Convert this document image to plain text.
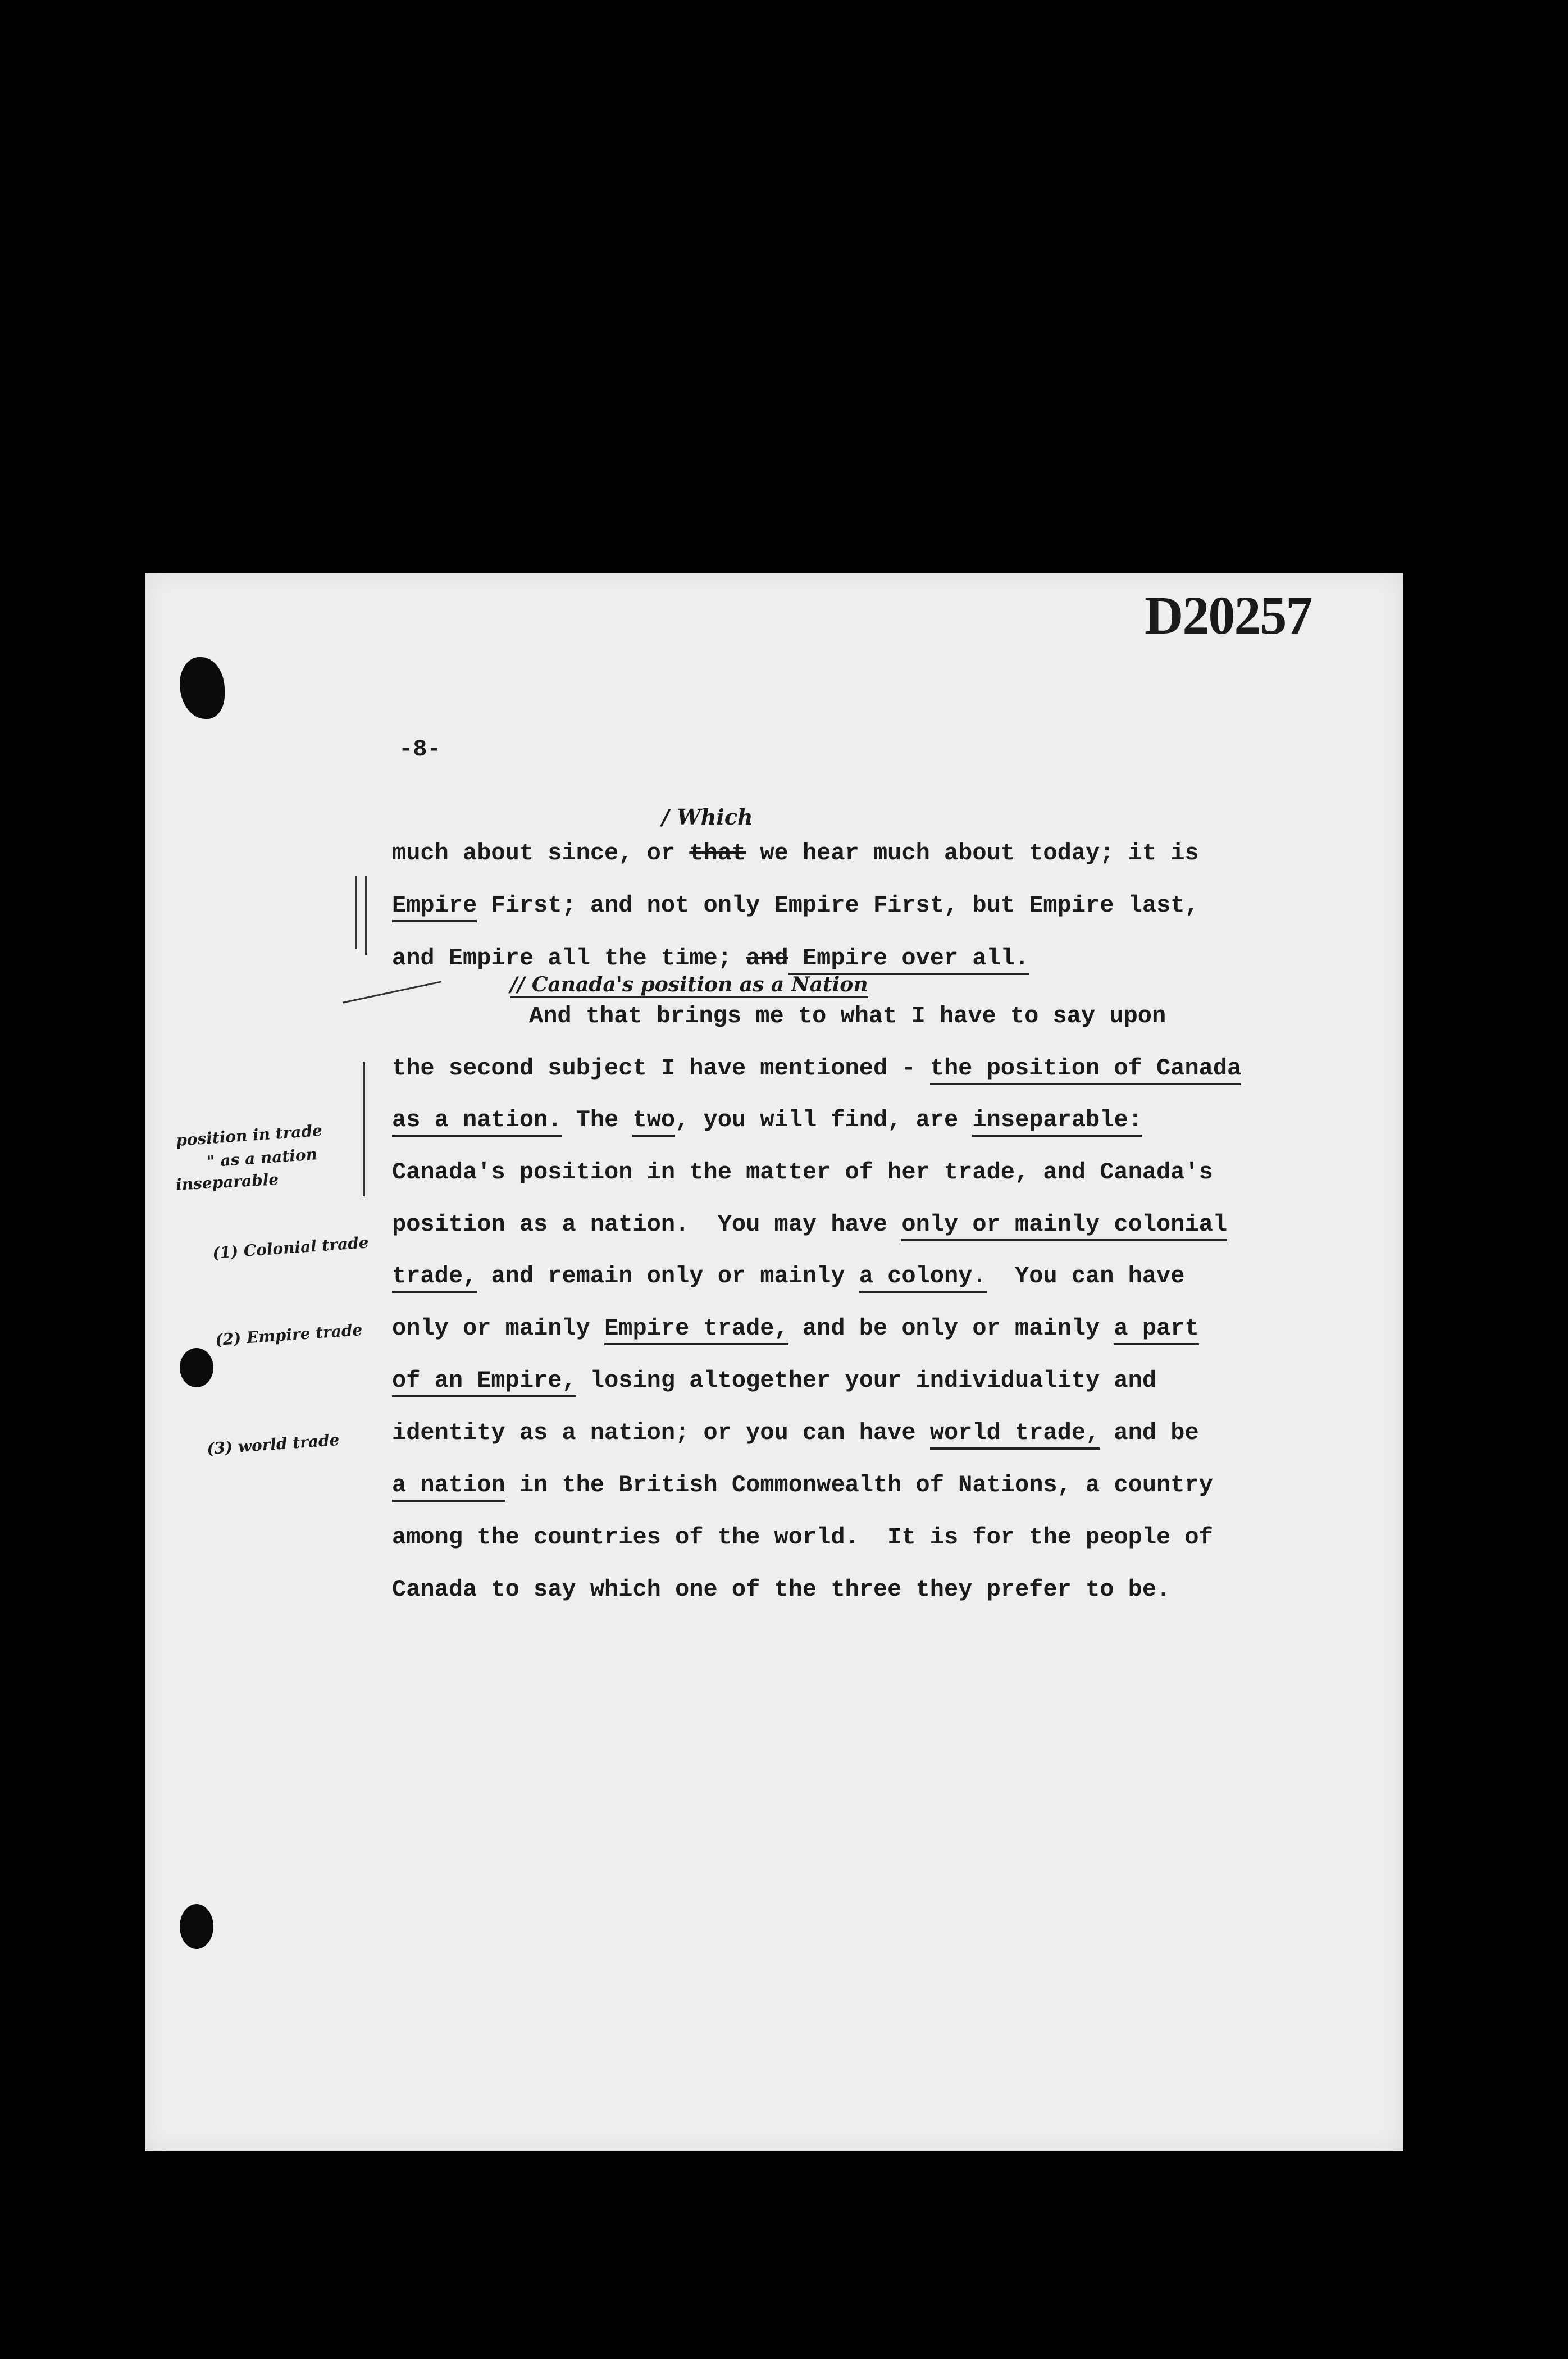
D20257
-8-
/ Which
// Canada's position as a Nation
much about since, or that we hear much about today; it is
Empire First; and not only Empire First, but Empire last,
and Empire all the time; and Empire over all.
And that brings me to what I have to say upon
the second subject I have mentioned - the position of Canada
as a nation. The two, you will find, are inseparable:
Canada's position in the matter of her trade, and Canada's
position as a nation.  You may have only or mainly colonial
trade, and remain only or mainly a colony.  You can have
only or mainly Empire trade, and be only or mainly a part
of an Empire, losing altogether your individuality and
identity as a nation; or you can have world trade, and be
a nation in the British Commonwealth of Nations, a country
among the countries of the world.  It is for the people of
Canada to say which one of the three they prefer to be.
position in trade
" as a nation
inseparable
(1) Colonial trade
(2) Empire trade
(3) world trade
